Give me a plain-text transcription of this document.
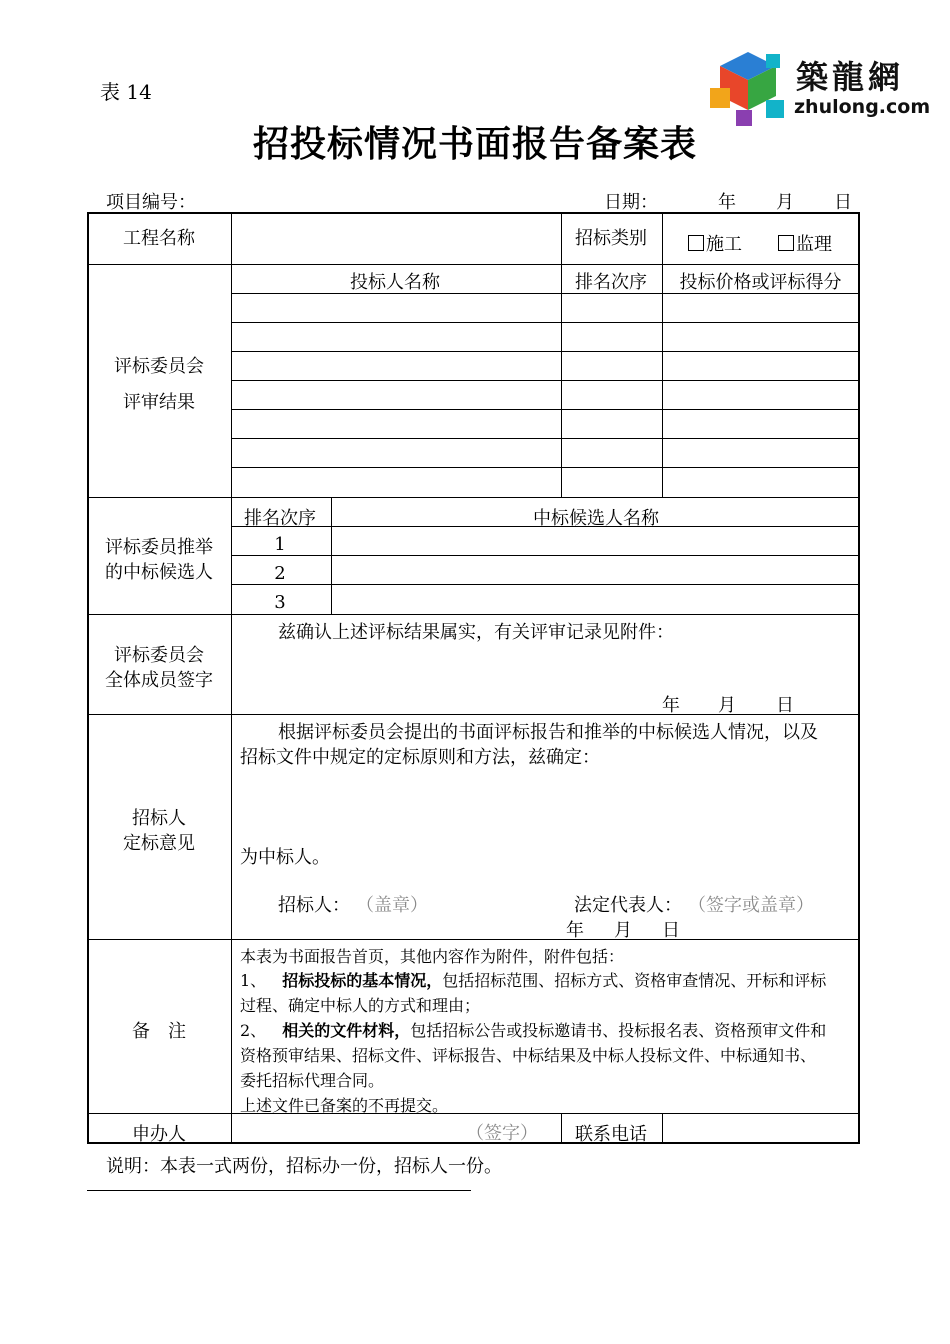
表 14
招投标情况书面报告备案表
築龍網
zhulong.com
项目编号：	日期：	年 月 日
工程名称	招标类别	施工	监理
评标委员会
评审结果
投标人名称	排名次序	投标价格或评标得分
评标委员推举
的中标候选人
排名次序	中标候选人名称
1
2
3
评标委员会
全体成员签字
兹确认上述评标结果属实，有关评审记录见附件：
年 月 日
招标人
定标意见
根据评标委员会提出的书面评标报告和推举的中标候选人情况，以及
招标文件中规定的定标原则和方法，兹确定：
为中标人。
招标人： （盖章）	法定代表人： （签字或盖章）
年 月 日
备　注
本表为书面报告首页，其他内容作为附件，附件包括：
1、 招标投标的基本情况，包括招标范围、招标方式、资格审查情况、开标和评标
过程、确定中标人的方式和理由；
2、 相关的文件材料，包括招标公告或投标邀请书、投标报名表、资格预审文件和
资格预审结果、招标文件、评标报告、中标结果及中标人投标文件、中标通知书、
委托招标代理合同。
上述文件已备案的不再提交。
申办人	（签字）	联系电话
说明：本表一式两份，招标办一份，招标人一份。
